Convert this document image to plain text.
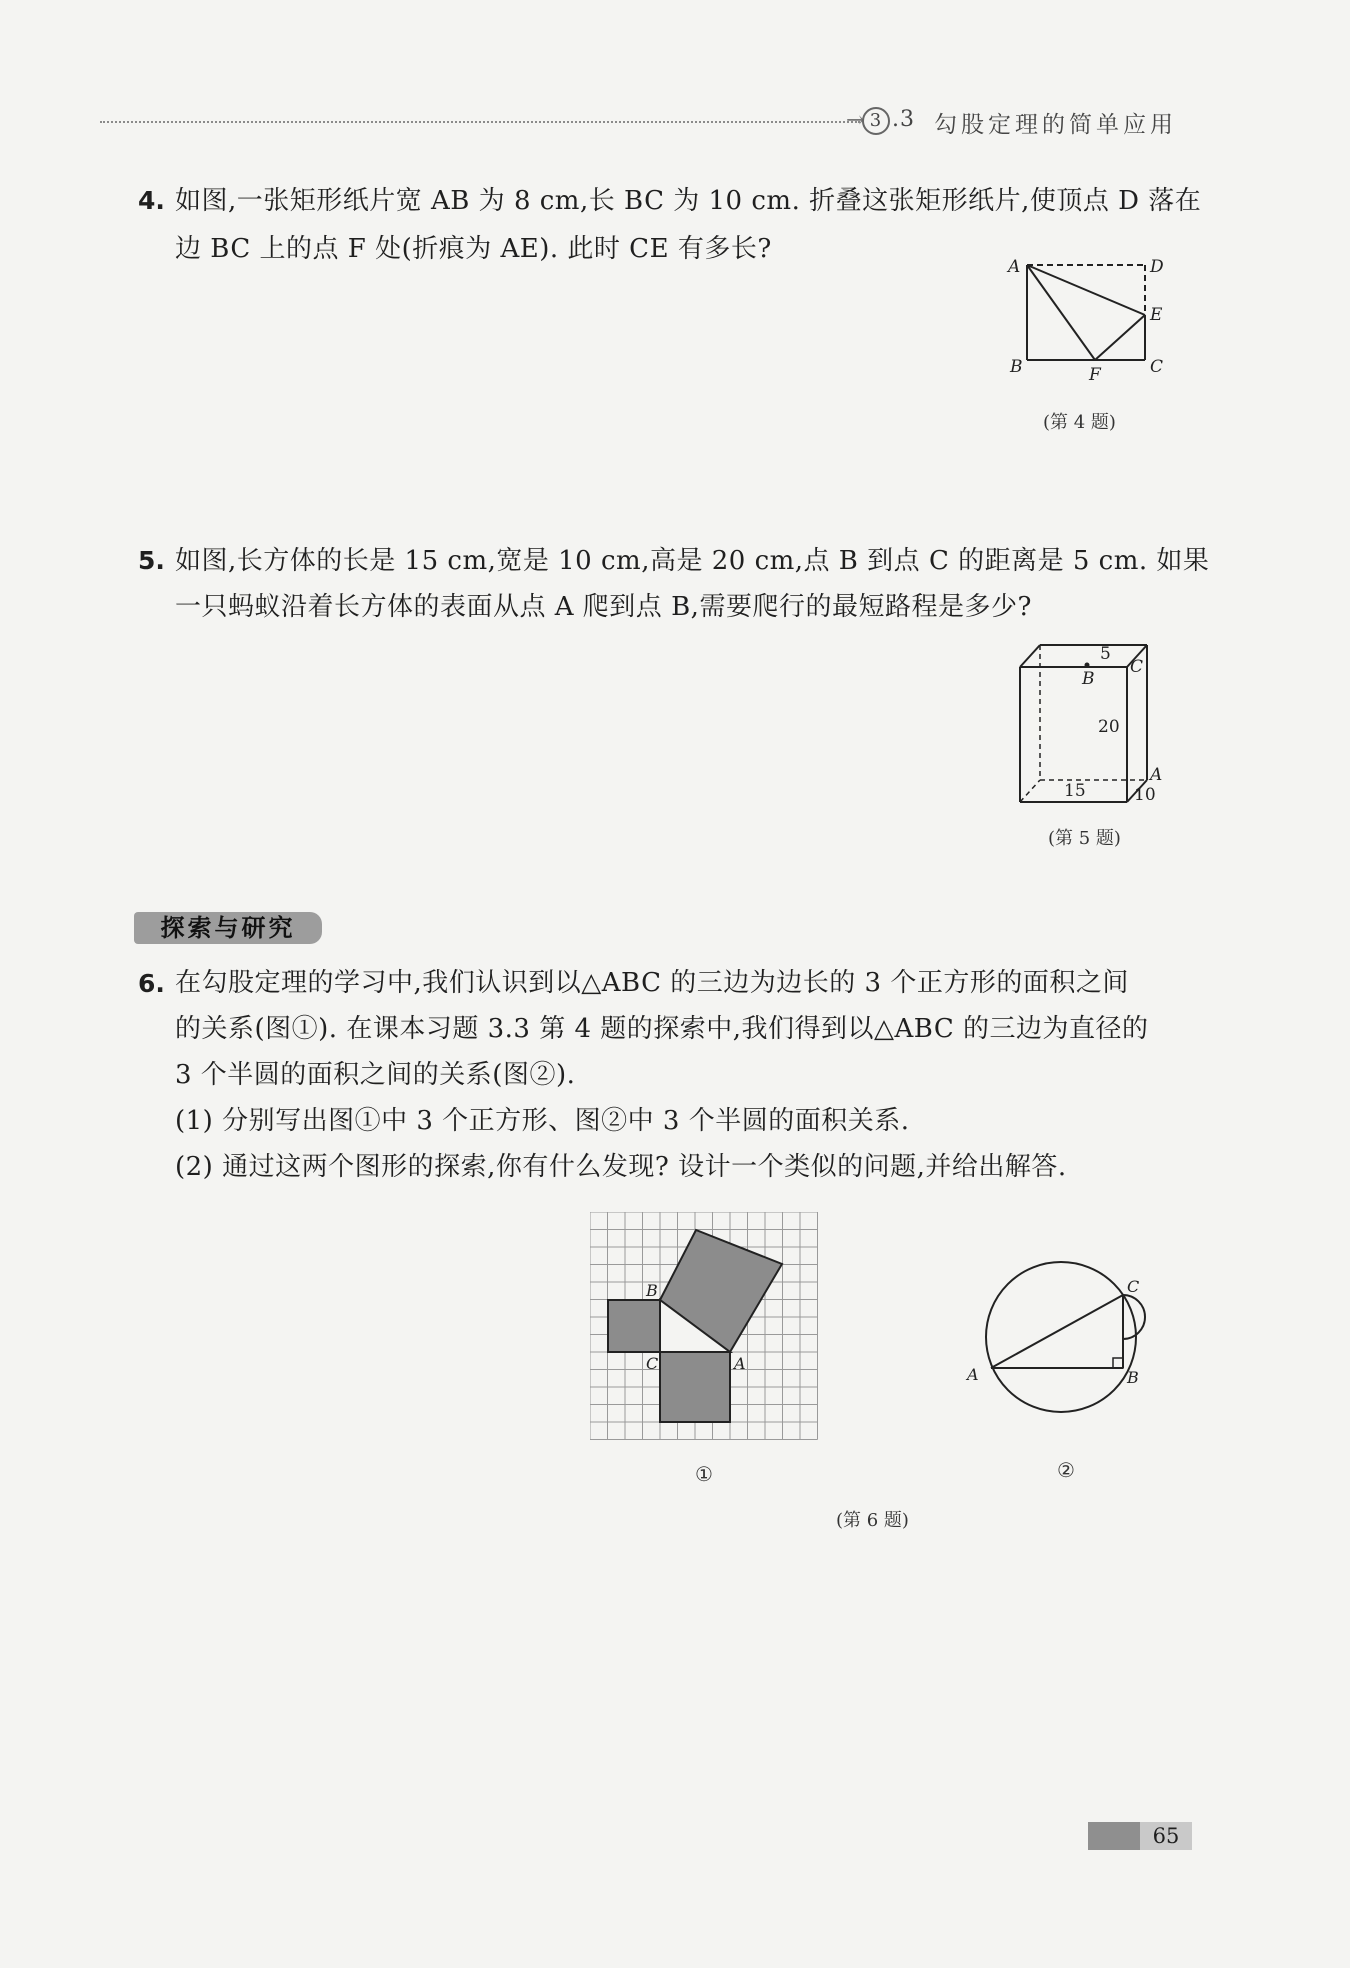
→ 3 .3 勾股定理的简单应用
4. 如图,一张矩形纸片宽 AB 为 8 cm,长 BC 为 10 cm. 折叠这张矩形纸片,使顶点 D 落在
边 BC 上的点 F 处(折痕为 AE). 此时 CE 有多长?
A	D
E
B	F	C
(第 4 题)
5. 如图,长方体的长是 15 cm,宽是 10 cm,高是 20 cm,点 B 到点 C 的距离是 5 cm. 如果
一只蚂蚁沿着长方体的表面从点 A 爬到点 B,需要爬行的最短路程是多少?
5
B
C
20
A
15	10
(第 5 题)
探索与研究
6. 在勾股定理的学习中,我们认识到以△ABC 的三边为边长的 3 个正方形的面积之间
的关系(图①). 在课本习题 3.3 第 4 题的探索中,我们得到以△ABC 的三边为直径的
3 个半圆的面积之间的关系(图②).
(1) 分别写出图①中 3 个正方形、图②中 3 个半圆的面积关系.
(2) 通过这两个图形的探索,你有什么发现? 设计一个类似的问题,并给出解答.
B
C	A
①
C
A	B
②
(第 6 题)
65
